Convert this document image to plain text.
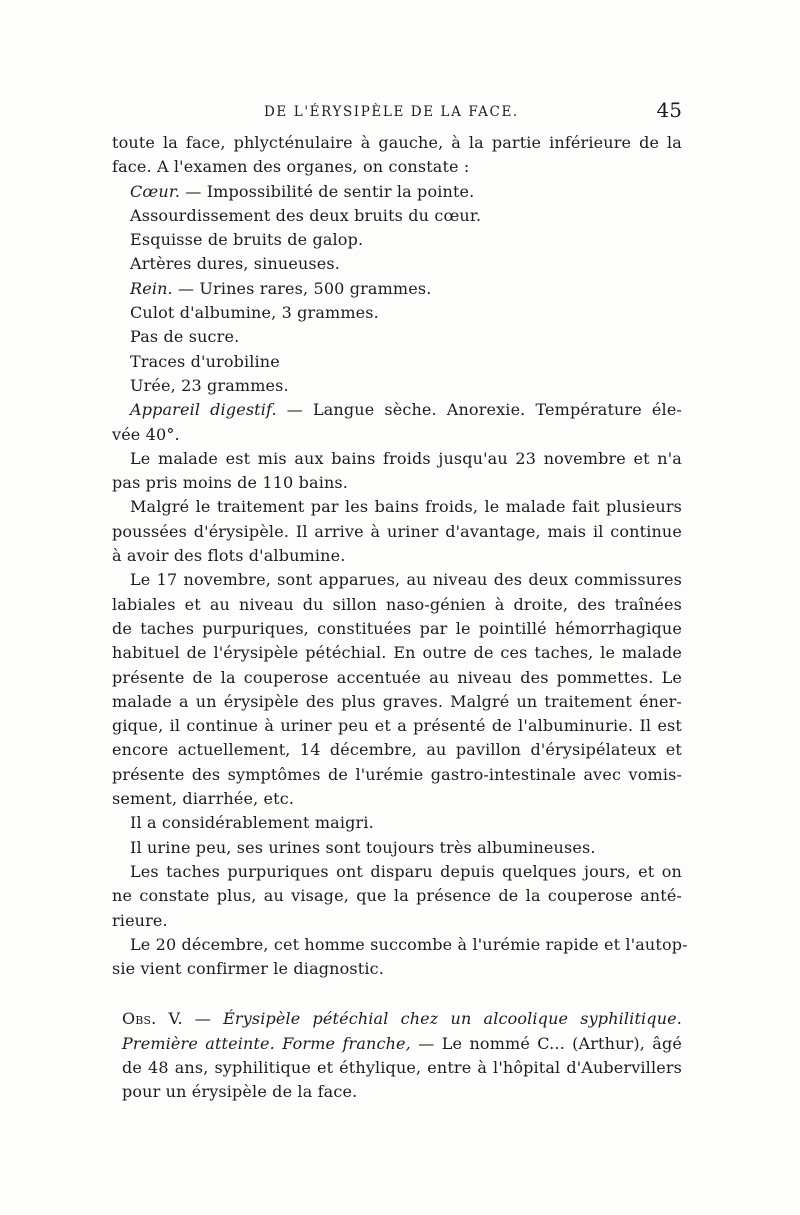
DE L'ÉRYSIPÈLE DE LA FACE.	45
toute la face, phlycténulaire à gauche, à la partie inférieure de la
face. A l'examen des organes, on constate :
Cœur. — Impossibilité de sentir la pointe.
Assourdissement des deux bruits du cœur.
Esquisse de bruits de galop.
Artères dures, sinueuses.
Rein. — Urines rares, 500 grammes.
Culot d'albumine, 3 grammes.
Pas de sucre.
Traces d'urobiline
Urée, 23 grammes.
Appareil digestif. — Langue sèche. Anorexie. Température éle-
vée 40°.
Le malade est mis aux bains froids jusqu'au 23 novembre et n'a
pas pris moins de 110 bains.
Malgré le traitement par les bains froids, le malade fait plusieurs
poussées d'érysipèle. Il arrive à uriner d'avantage, mais il continue
à avoir des flots d'albumine.
Le 17 novembre, sont apparues, au niveau des deux commissures
labiales et au niveau du sillon naso-génien à droite, des traînées
de taches purpuriques, constituées par le pointillé hémorrhagique
habituel de l'érysipèle pétéchial. En outre de ces taches, le malade
présente de la couperose accentuée au niveau des pommettes. Le
malade a un érysipèle des plus graves. Malgré un traitement éner-
gique, il continue à uriner peu et a présenté de l'albuminurie. Il est
encore actuellement, 14 décembre, au pavillon d'érysipélateux et
présente des symptômes de l'urémie gastro-intestinale avec vomis-
sement, diarrhée, etc.
Il a considérablement maigri.
Il urine peu, ses urines sont toujours très albumineuses.
Les taches purpuriques ont disparu depuis quelques jours, et on
ne constate plus, au visage, que la présence de la couperose anté-
rieure.
Le 20 décembre, cet homme succombe à l'urémie rapide et l'autop-
sie vient confirmer le diagnostic.
Obs. V. — Érysipèle pétéchial chez un alcoolique syphilitique.
Première atteinte. Forme franche, — Le nommé C... (Arthur), âgé
de 48 ans, syphilitique et éthylique, entre à l'hôpital d'Aubervillers
pour un érysipèle de la face.
